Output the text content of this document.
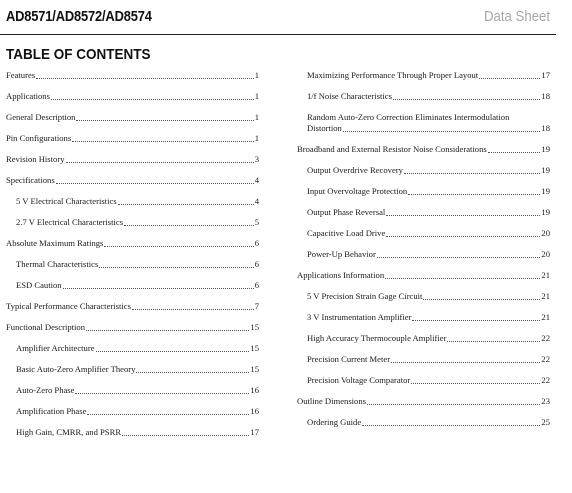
AD8571/AD8572/AD8574	Data Sheet
TABLE OF CONTENTS
Features	1
Applications	1
General Description	1
Pin Configurations	1
Revision History	3
Specifications	4
5 V Electrical Characteristics	4
2.7 V Electrical Characteristics	5
Absolute Maximum Ratings	6
Thermal Characteristics	6
ESD Caution	6
Typical Performance Characteristics	7
Functional Description	15
Amplifier Architecture	15
Basic Auto-Zero Amplifier Theory	15
Auto-Zero Phase	16
Amplification Phase	16
High Gain, CMRR, and PSRR	17
Maximizing Performance Through Proper Layout	17
1/f Noise Characteristics	18
Random Auto-Zero Correction Eliminates Intermodulation
Distortion	18
Broadband and External Resistor Noise Considerations	19
Output Overdrive Recovery	19
Input Overvoltage Protection	19
Output Phase Reversal	19
Capacitive Load Drive	20
Power-Up Behavior	20
Applications Information	21
5 V Precision Strain Gage Circuit	21
3 V Instrumentation Amplifier	21
High Accuracy Thermocouple Amplifier	22
Precision Current Meter	22
Precision Voltage Comparator	22
Outline Dimensions	23
Ordering Guide	25
